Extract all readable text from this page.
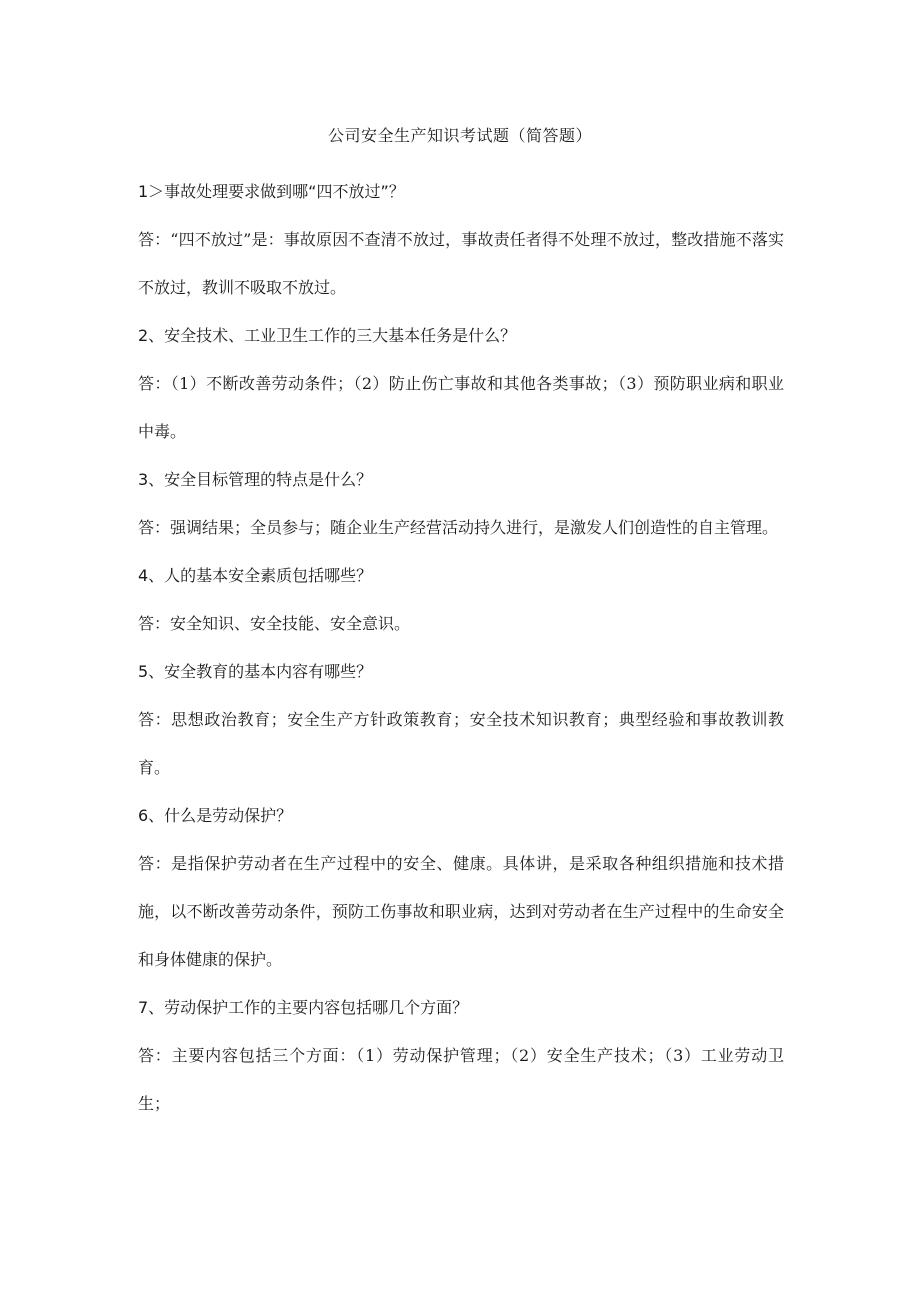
公司安全生产知识考试题（简答题）

1＞事故处理要求做到哪“四不放过”？

答：“四不放过”是：事故原因不查清不放过，事故责任者得不处理不放过，整改措施不落实不放过，教训不吸取不放过。

2、安全技术、工业卫生工作的三大基本任务是什么？

答：（1）不断改善劳动条件；（2）防止伤亡事故和其他各类事故；（3）预防职业病和职业中毒。

3、安全目标管理的特点是什么？

答：强调结果；全员参与；随企业生产经营活动持久进行，是激发人们创造性的自主管理。

4、人的基本安全素质包括哪些？

答：安全知识、安全技能、安全意识。

5、安全教育的基本内容有哪些？

答：思想政治教育；安全生产方针政策教育；安全技术知识教育；典型经验和事故教训教育。

6、什么是劳动保护？

答：是指保护劳动者在生产过程中的安全、健康。具体讲，是采取各种组织措施和技术措施，以不断改善劳动条件，预防工伤事故和职业病，达到对劳动者在生产过程中的生命安全和身体健康的保护。

7、劳动保护工作的主要内容包括哪几个方面？

答：主要内容包括三个方面：（1）劳动保护管理；（2）安全生产技术；（3）工业劳动卫生；
